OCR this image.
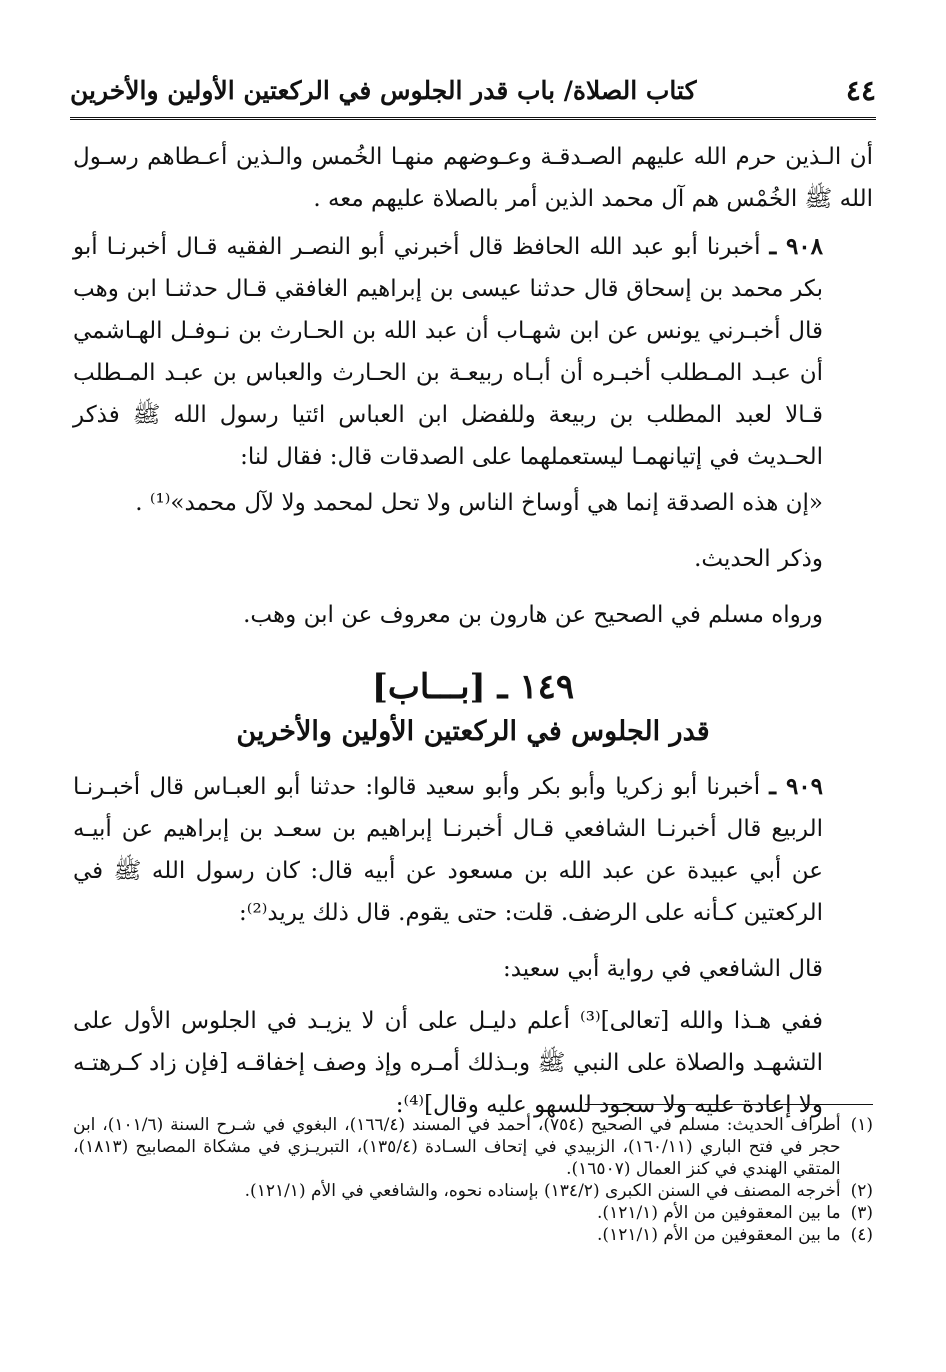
٤٤
كتاب الصلاة/ باب قدر الجلوس في الركعتين الأولين والأخرين

أن الـذين حرم الله عليهم الصـدقـة وعـوضهم منهـا الخُمس والـذين أعـطاهم رسـول الله ﷺ الخُمْس هم آل محمد الذين أمر بالصلاة عليهم معه .

٩٠٨ ـ أخبرنا أبو عبد الله الحافظ قال أخبرني أبو النصـر الفقيه قـال أخبرنـا أبو بكر محمد بن إسحاق قال حدثنا عيسى بن إبراهيم الغافقي قـال حدثنـا ابن وهب قال أخبـرني يونس عن ابن شهـاب أن عبد الله بن الحـارث بن نـوفـل الهـاشمي أن عبـد المـطلب أخبـره أن أبـاه ربيعـة بن الحـارث والعباس بن عبـد المـطلب قـالا لعبد المطلب بن ربيعة وللفضل ابن العباس ائتيا رسول الله ﷺ فذكر الحـديث في إتيانهمـا ليستعملهما على الصدقات قال: فقال لنا:

«إن هذه الصدقة إنما هي أوساخ الناس ولا تحل لمحمد ولا لآل محمد»⁽¹⁾ .

وذكر الحديث.

ورواه مسلم في الصحيح عن هارون بن معروف عن ابن وهب.

١٤٩ ـ [بـــاب]
قدر الجلوس في الركعتين الأولين والأخرين

٩٠٩ ـ أخبرنا أبو زكريا وأبو بكر وأبو سعيد قالوا: حدثنا أبو العبـاس قال أخبـرنـا الربيع قال أخبرنـا الشافعي قـال أخبرنـا إبراهيم بن سعـد بن إبراهيم عن أبيـه عن أبي عبيدة عن عبد الله بن مسعود عن أبيه قال: كان رسول الله ﷺ في الركعتين كـأنه على الرضف. قلت: حتى يقوم. قال ذلك يريد⁽²⁾:

قال الشافعي في رواية أبي سعيد:

ففي هـذا والله [تعالى]⁽³⁾ أعلم دليـل على أن لا يزيـد في الجلوس الأول على التشهـد والصلاة على النبي ﷺ وبـذلك أمـره وإذ وصف إخفاقـه [فإن زاد كـرهتـه ولا إعادة عليه ولا سجود للسهو عليه وقال]⁽⁴⁾:

(١)
أطراف الحديث: مسلم في الصحيح (٧٥٤)، أحمد في المسند (١٦٦/٤)، البغوي في شـرح السنة (١٠١/٦)، ابن حجر في فتح الباري (١٦٠/١١)، الزبيدي في إتحاف السـادة (١٣٥/٤)، التبريـزي في مشكاة المصابيح (١٨١٣)، المتقي الهندي في كنز العمال (١٦٥٠٧).
(٢)
أخرجه المصنف في السنن الكبرى (١٣٤/٢) بإسناده نحوه، والشافعي في الأم (١٢١/١).
(٣)
ما بين المعقوفين من الأم (١٢١/١).
(٤)
ما بين المعقوفين من الأم (١٢١/١).
